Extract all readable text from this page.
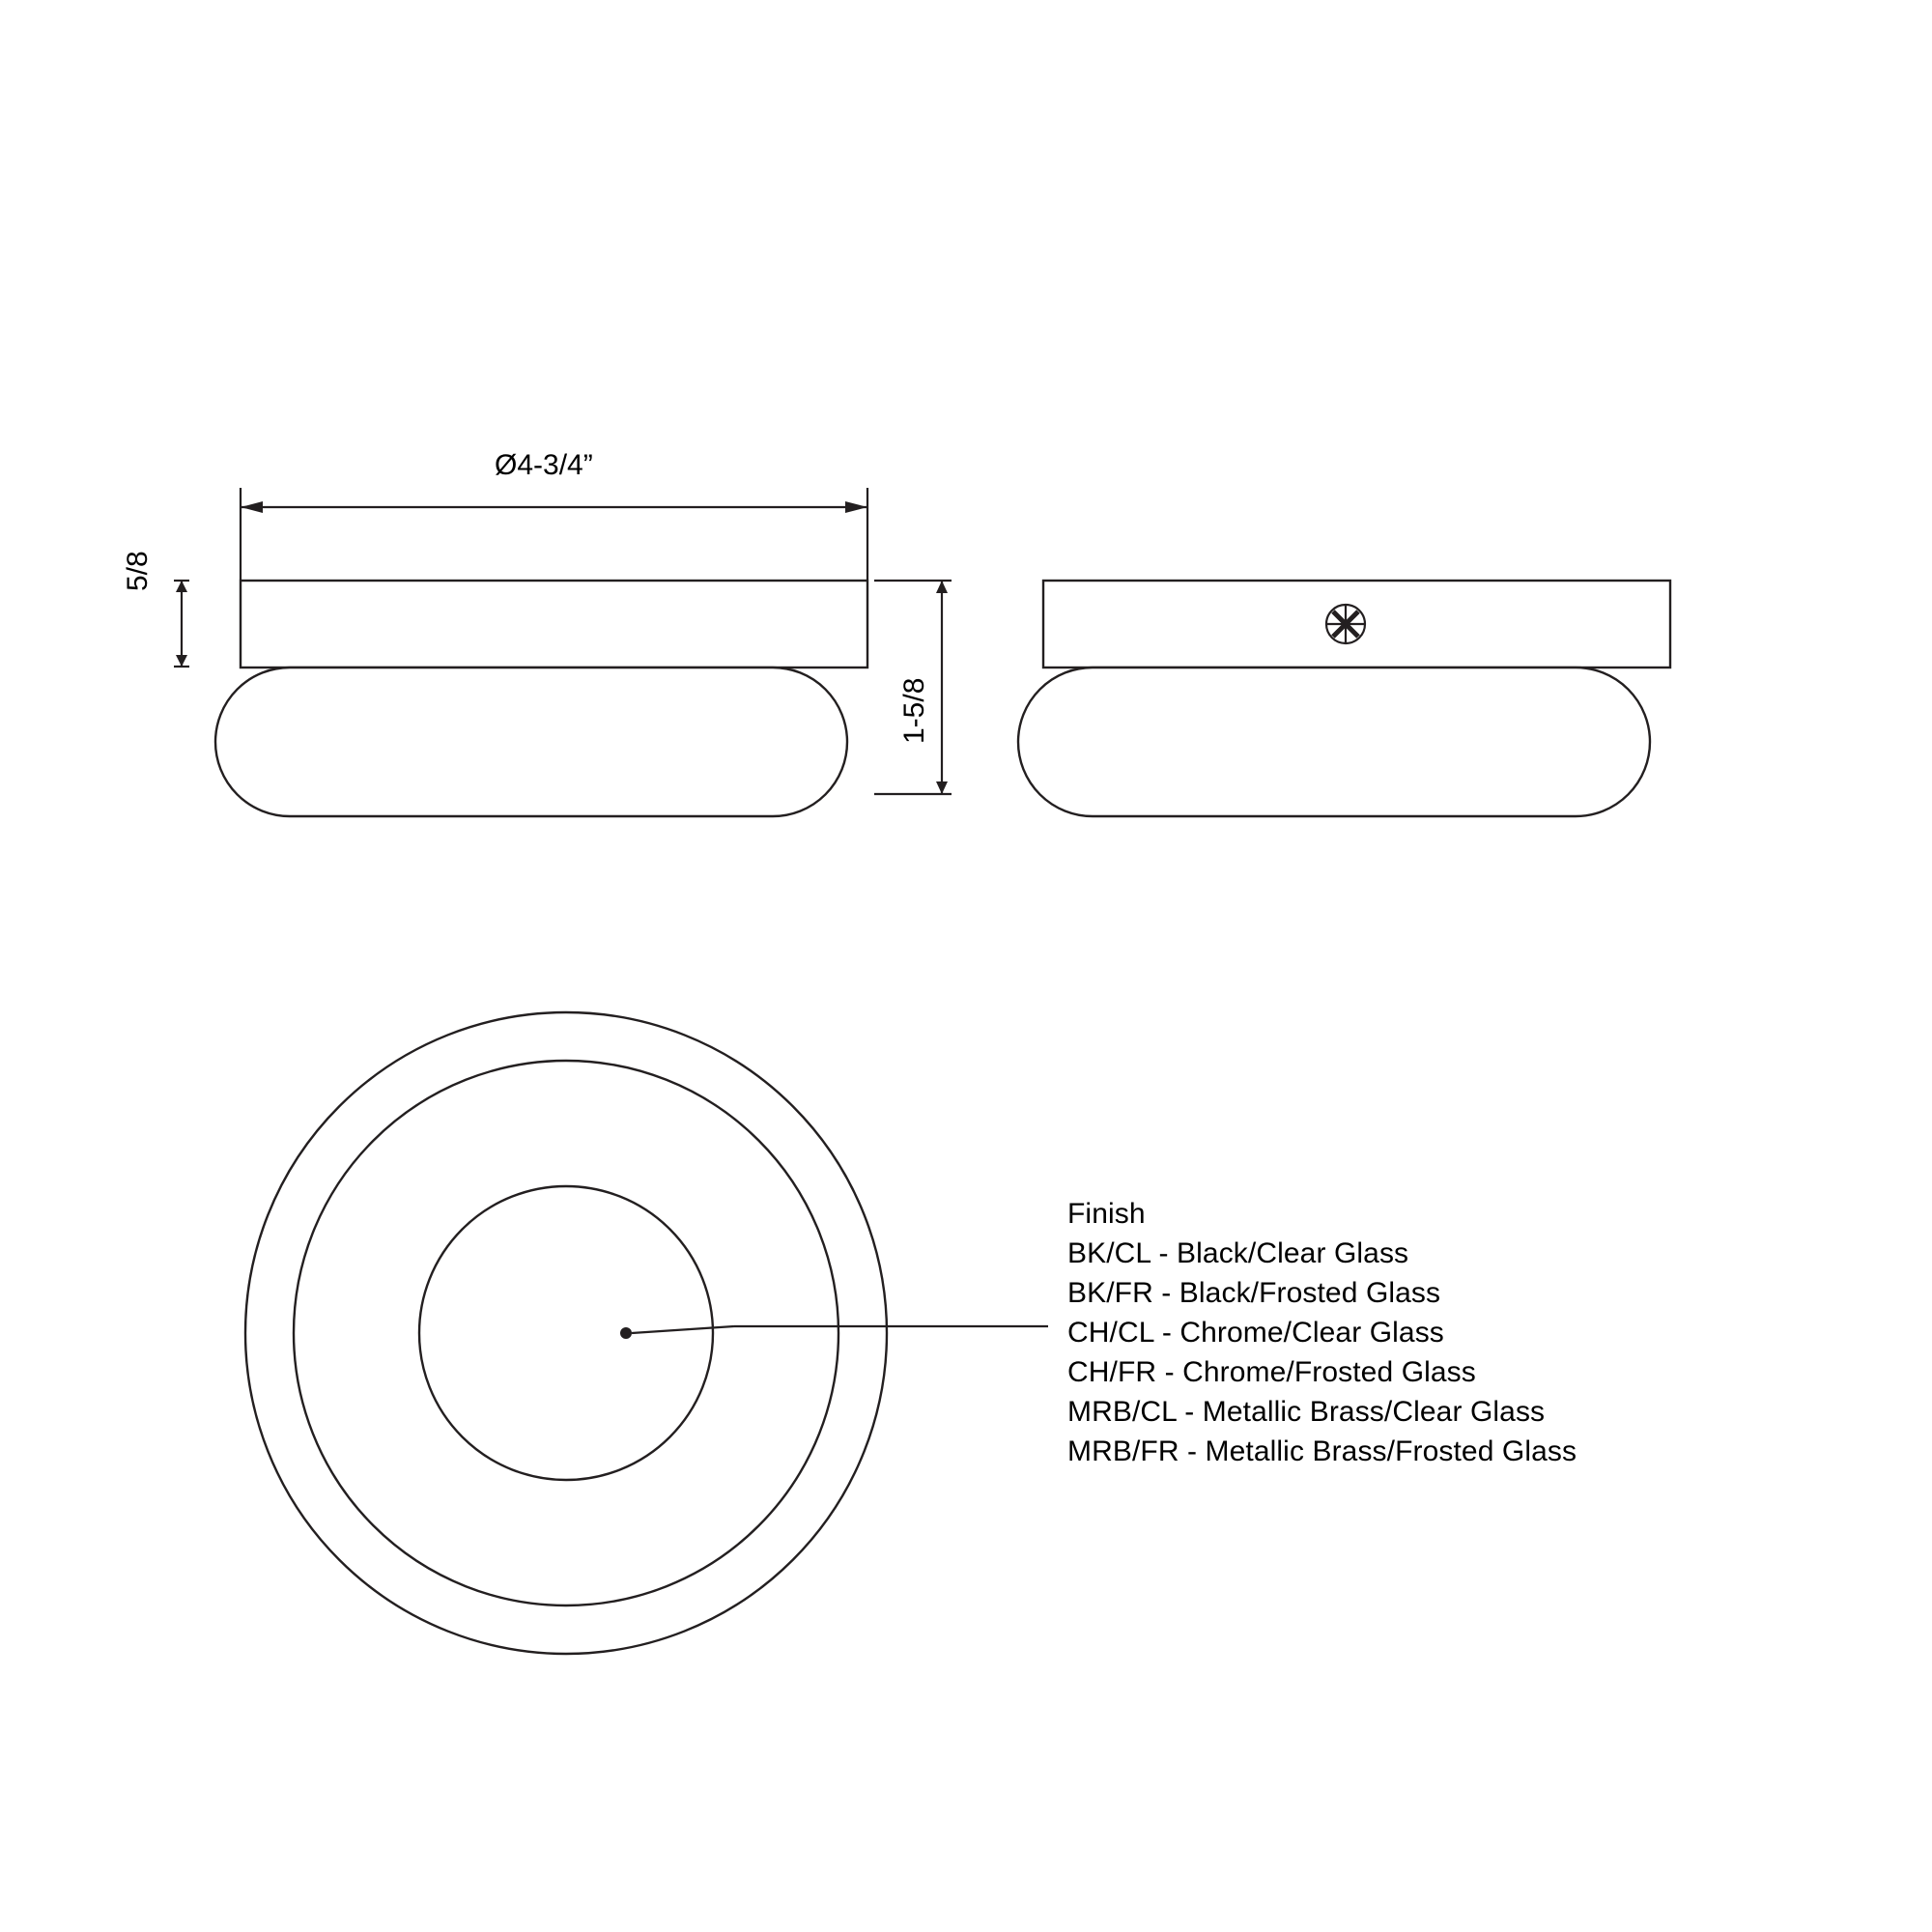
Ø4-3/4”
5/8
1-5/8
Finish
BK/CL - Black/Clear Glass
BK/FR - Black/Frosted Glass
CH/CL - Chrome/Clear Glass
CH/FR - Chrome/Frosted Glass
MRB/CL - Metallic Brass/Clear Glass
MRB/FR - Metallic Brass/Frosted Glass
